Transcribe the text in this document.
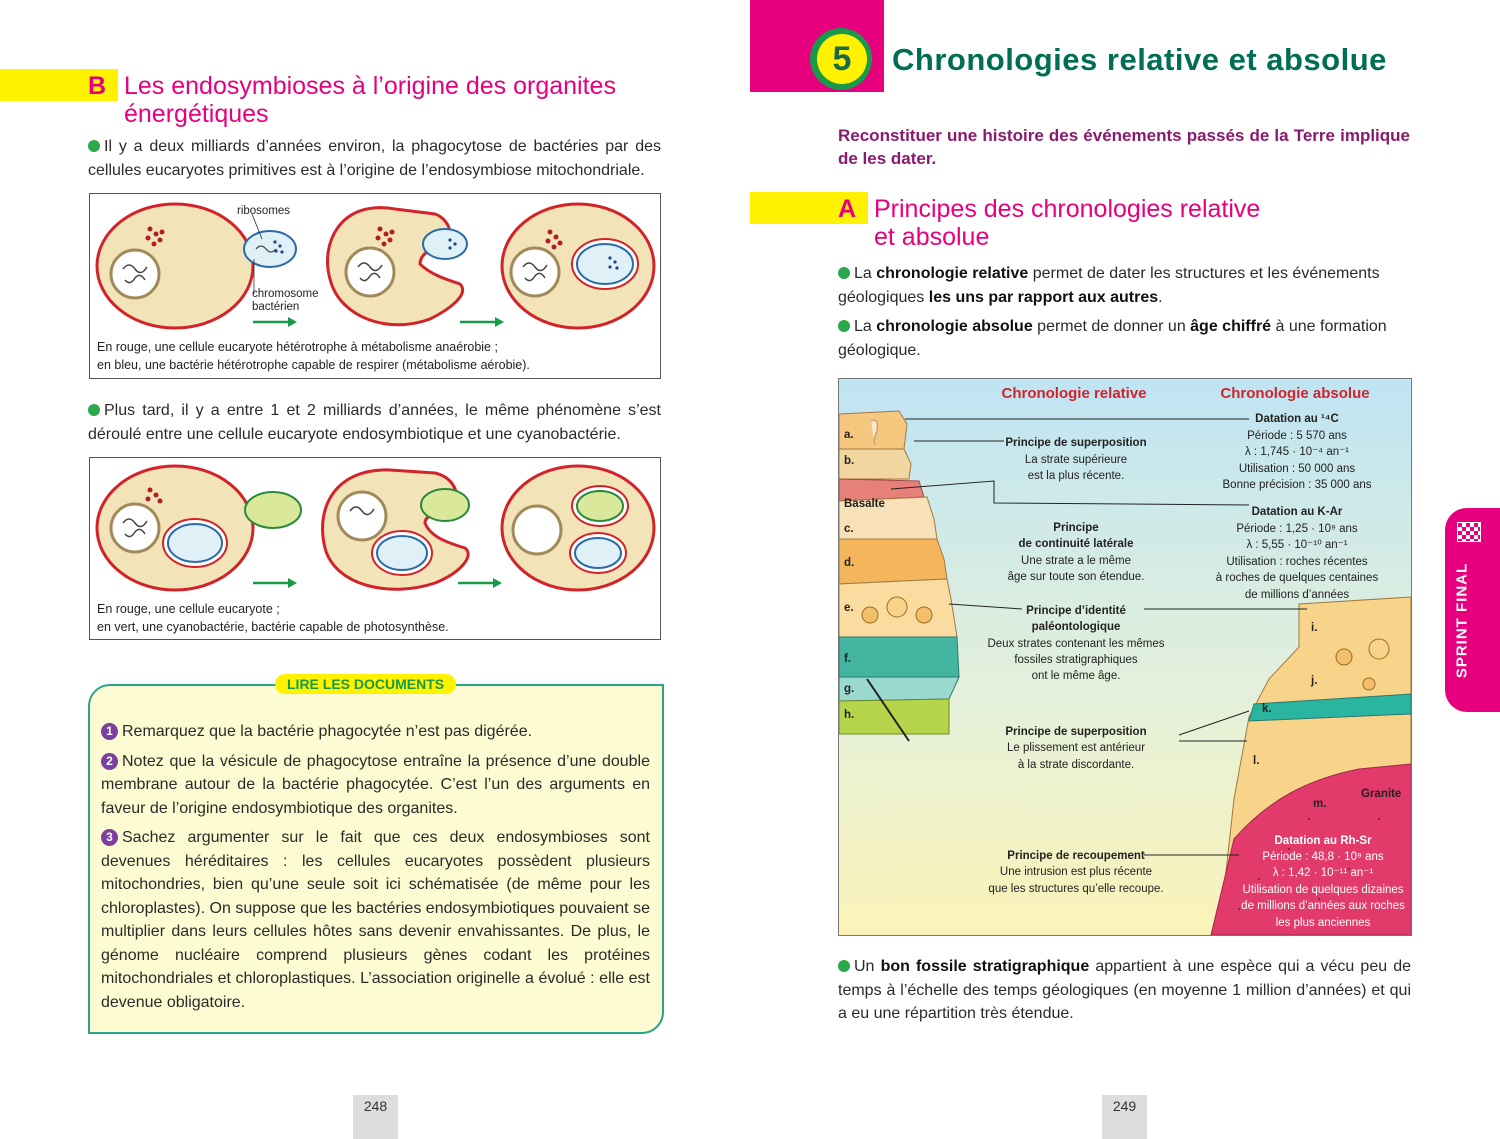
B Les endosymbioses à l’origine des organites
énergétiques
Il y a deux milliards d’années environ, la phagocytose de bactéries par des cellules eucaryotes primitives est à l’origine de l’endosymbiose mitochondriale.
ribosomes
chromosome
bactérien
En rouge, une cellule eucaryote hétérotrophe à métabolisme anaérobie ;
en bleu, une bactérie hétérotrophe capable de respirer (métabolisme aérobie).
Plus tard, il y a entre 1 et 2 milliards d’années, le même phénomène s’est déroulé entre une cellule eucaryote endosymbiotique et une cyanobactérie.
En rouge, une cellule eucaryote ;
en vert, une cyanobactérie, bactérie capable de photosynthèse.
LIRE LES DOCUMENTS
1 Remarquez que la bactérie phagocytée n’est pas digérée.
2 Notez que la vésicule de phagocytose entraîne la présence d’une double membrane autour de la bactérie phagocytée. C’est l’un des arguments en faveur de l’origine endosymbiotique des organites.
3 Sachez argumenter sur le fait que ces deux endosymbioses sont devenues héréditaires : les cellules eucaryotes possèdent plusieurs mitochondries, bien qu’une seule soit ici schématisée (de même pour les chloroplastes). On suppose que les bactéries endosymbiotiques pouvaient se multiplier dans leurs cellules hôtes sans devenir envahissantes. De plus, le génome nucléaire comprend plusieurs gènes codant les protéines mitochondriales et chloroplastiques. L’association originelle a évolué : elle est devenue obligatoire.
248
5	Chronologies relative et absolue
Reconstituer une histoire des événements passés de la Terre implique de les dater.
A Principes des chronologies relative
et absolue
La chronologie relative permet de dater les structures et les événements géologiques les uns par rapport aux autres.
La chronologie absolue permet de donner un âge chiffré à une formation géologique.
Chronologie relative	Chronologie absolue
a.
b.
Basalte
c.
d.
e.
f.
g.
h.
i.
j.
k.
l.
m.
Granite
Principe de superposition
La strate supérieure
est la plus récente.
Principe
de continuité latérale
Une strate a le même
âge sur toute son étendue.
Principe d’identité
paléontologique
Deux strates contenant les mêmes
fossiles stratigraphiques
ont le même âge.
Principe de superposition
Le plissement est antérieur
à la strate discordante.
Principe de recoupement
Une intrusion est plus récente
que les structures qu’elle recoupe.
Datation au ¹⁴C
Période : 5 570 ans
λ : 1,745 · 10⁻⁴ an⁻¹
Utilisation : 50 000 ans
Bonne précision : 35 000 ans
Datation au K-Ar
Période : 1,25 · 10⁹ ans
λ : 5,55 · 10⁻¹⁰ an⁻¹
Utilisation : roches récentes
à roches de quelques centaines
de millions d’années
Datation au Rh-Sr
Période : 48,8 · 10⁹ ans
λ : 1,42 · 10⁻¹¹ an⁻¹
Utilisation de quelques dizaines
de millions d’années aux roches
les plus anciennes
Un bon fossile stratigraphique appartient à une espèce qui a vécu peu de temps à l’échelle des temps géologiques (en moyenne 1 million d’années) et qui a eu une répartition très étendue.
SPRINT FINAL
249
